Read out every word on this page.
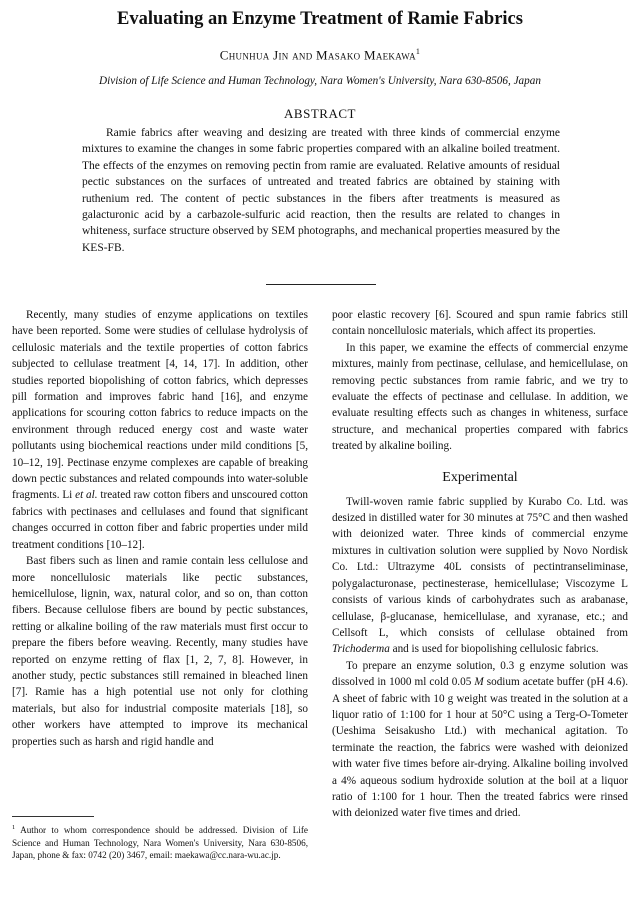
Evaluating an Enzyme Treatment of Ramie Fabrics
Chunhua Jin and Masako Maekawa$^1$
Division of Life Science and Human Technology, Nara Women's University, Nara 630-8506, Japan
ABSTRACT

Ramie fabrics after weaving and desizing are treated with three kinds of commercial enzyme mixtures to examine the changes in some fabric properties compared with an alkaline boiled treatment. The effects of the enzymes on removing pectin from ramie are evaluated. Relative amounts of residual pectic substances on the surfaces of untreated and treated fabrics are obtained by staining with ruthenium red. The content of pectic substances in the fibers after treatments is measured as galacturonic acid by a carbazole-sulfuric acid reaction, then the results are related to changes in whiteness, surface structure observed by SEM photographs, and mechanical properties measured by the KES-FB.

Recently, many studies of enzyme applications on textiles have been reported. Some were studies of cellulase hydrolysis of cellulosic materials and the textile properties of cotton fabrics subjected to cellulase treatment [4, 14, 17]. In addition, other studies reported biopolishing of cotton fabrics, which depresses pill formation and improves fabric hand [16], and enzyme applications for scouring cotton fabrics to reduce impacts on the environment through reduced energy cost and waste water pollutants using biochemical reactions under mild conditions [5, 10–12, 19]. Pectinase enzyme complexes are capable of breaking down pectic substances and related compounds into water-soluble fragments. Li et al. treated raw cotton fibers and unscoured cotton fabrics with pectinases and cellulases and found that significant changes occurred in cotton fiber and fabric properties under mild treatment conditions [10–12].

Bast fibers such as linen and ramie contain less cellulose and more noncellulosic materials like pectic substances, hemicellulose, lignin, wax, natural color, and so on, than cotton fibers. Because cellulose fibers are bound by pectic substances, retting or alkaline boiling of the raw materials must first occur to prepare the fibers before weaving. Recently, many studies have reported on enzyme retting of flax [1, 2, 7, 8]. However, in another study, pectic substances still remained in bleached linen [7]. Ramie has a high potential use not only for clothing materials, but also for industrial composite materials [18], so other workers have attempted to improve its mechanical properties such as harsh and rigid handle and

$^1$ Author to whom correspondence should be addressed. Division of Life Science and Human Technology, Nara Women's University, Nara 630-8506, Japan, phone & fax: 0742 (20) 3467, email: maekawa@cc.nara-wu.ac.jp.

poor elastic recovery [6]. Scoured and spun ramie fabrics still contain noncellulosic materials, which affect its properties.

In this paper, we examine the effects of commercial enzyme mixtures, mainly from pectinase, cellulase, and hemicellulase, on removing pectic substances from ramie fabric, and we try to evaluate the effects of pectinase and cellulase. In addition, we evaluate resulting effects such as changes in whiteness, surface structure, and mechanical properties compared with fabrics treated by alkaline boiling.

Experimental

Twill-woven ramie fabric supplied by Kurabo Co. Ltd. was desized in distilled water for 30 minutes at 75°C and then washed with deionized water. Three kinds of commercial enzyme mixtures in cultivation solution were supplied by Novo Nordisk Co. Ltd.: Ultrazyme 40L consists of pectintranseliminase, polygalacturonase, pectinesterase, hemicellulase; Viscozyme L consists of various kinds of carbohydrates such as arabanase, cellulase, β-glucanase, hemicellulase, and xyranase, etc.; and Cellsoft L, which consists of cellulase obtained from Trichoderma and is used for biopolishing cellulosic fabrics.

To prepare an enzyme solution, 0.3 g enzyme solution was dissolved in 1000 ml cold 0.05 M sodium acetate buffer (pH 4.6). A sheet of fabric with 10 g weight was treated in the solution at a liquor ratio of 1:100 for 1 hour at 50°C using a Terg-O-Tometer (Ueshima Seisakusho Ltd.) with mechanical agitation. To terminate the reaction, the fabrics were washed with deionized with water five times before air-drying. Alkaline boiling involved a 4% aqueous sodium hydroxide solution at the boil at a liquor ratio of 1:100 for 1 hour. Then the treated fabrics were rinsed with deionized water five times and dried.
